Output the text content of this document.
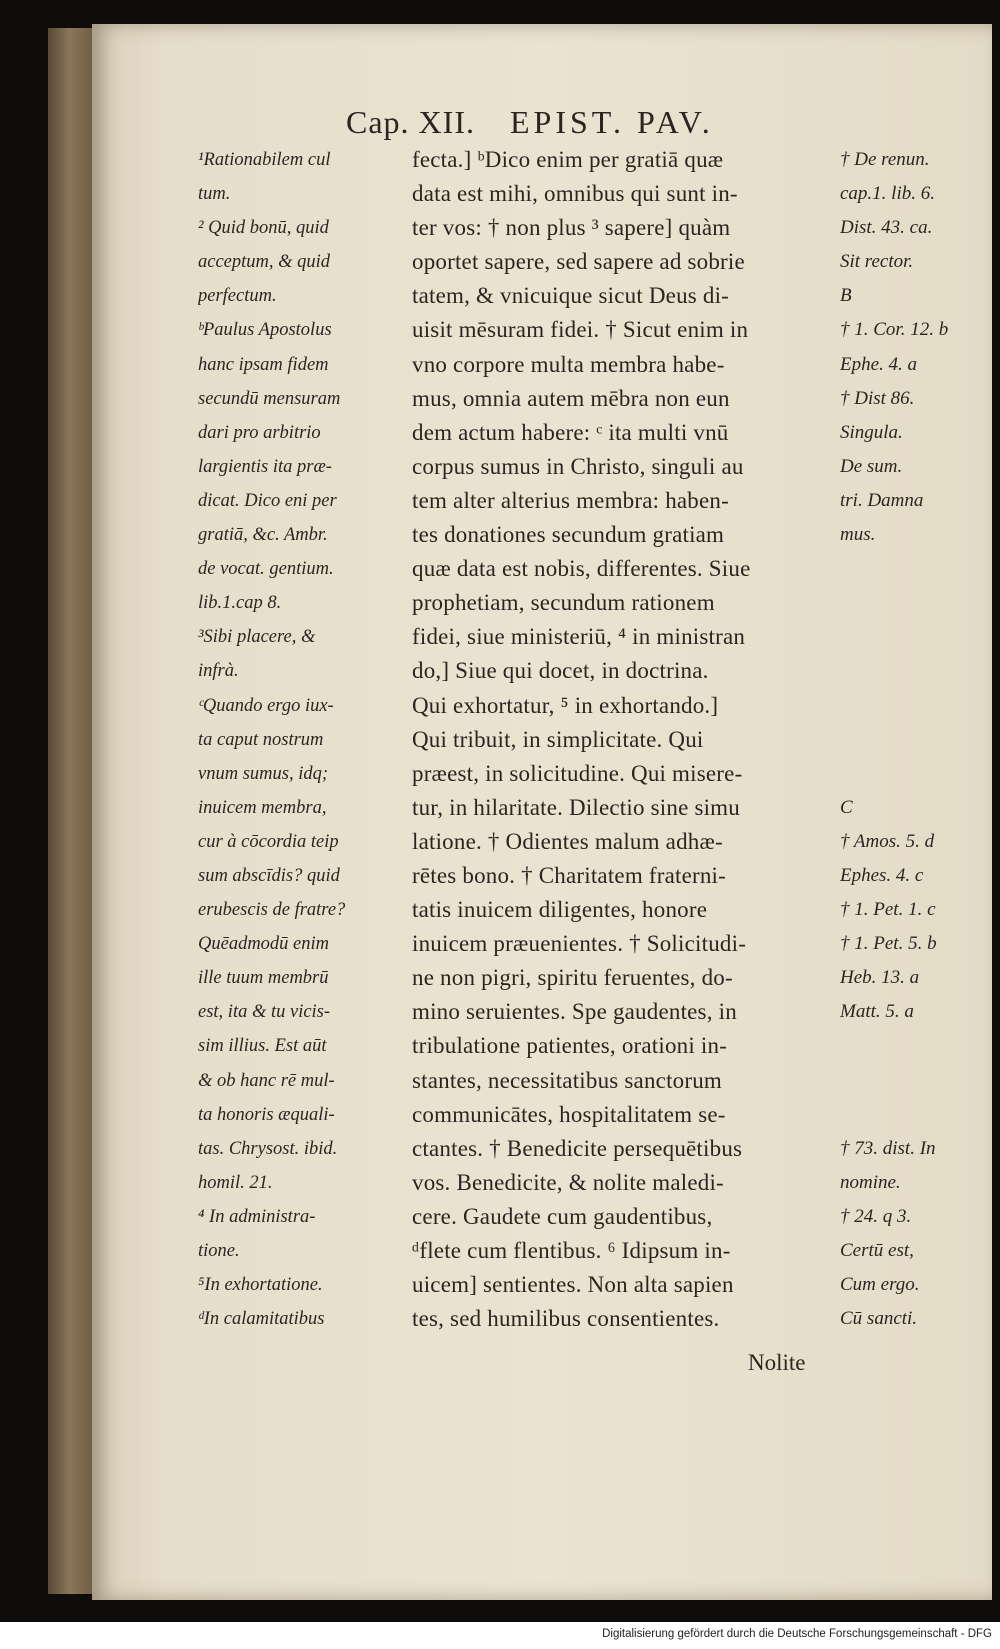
Cap. XII. EPIST. PAV.
¹Rationabilem cul
tum.
² Quid bonū, quid
acceptum, & quid
perfectum.
ᵇPaulus Apostolus
hanc ipsam fidem
secundū mensuram
dari pro arbitrio
largientis ita præ-
dicat. Dico eni per
gratiā, &c. Ambr.
de vocat. gentium.
lib.1.cap 8.
³Sibi placere, &
infrà.
ᶜQuando ergo iux-
ta caput nostrum
vnum sumus, idq;
inuicem membra,
cur à cōcordia teip
sum abscīdis? quid
erubescis de fratre?
Quēadmodū enim
ille tuum membrū
est, ita & tu vicis-
sim illius. Est aūt
& ob hanc rē mul-
ta honoris æquali-
tas. Chrysost. ibid.
homil. 21.
⁴ In administra-
tione.
⁵In exhortatione.
ᵈIn calamitatibus
fecta.] ᵇDico enim per gratiā quæ
data est mihi, omnibus qui sunt in-
ter vos: † non plus ³ sapere] quàm
oportet sapere, sed sapere ad sobrie
tatem, & vnicuique sicut Deus di-
uisit mēsuram fidei. † Sicut enim in
vno corpore multa membra habe-
mus, omnia autem mēbra non eun
dem actum habere: ᶜ ita multi vnū
corpus sumus in Christo, singuli au
tem alter alterius membra: haben-
tes donationes secundum gratiam
quæ data est nobis, differentes. Siue
prophetiam, secundum rationem
fidei, siue ministeriū, ⁴ in ministran
do,] Siue qui docet, in doctrina.
Qui exhortatur, ⁵ in exhortando.]
Qui tribuit, in simplicitate. Qui
præest, in solicitudine. Qui misere-
tur, in hilaritate. Dilectio sine simu
latione. † Odientes malum adhæ-
rētes bono. † Charitatem fraterni-
tatis inuicem diligentes, honore
inuicem præuenientes. † Solicitudi-
ne non pigri, spiritu feruentes, do-
mino seruientes. Spe gaudentes, in
tribulatione patientes, orationi in-
stantes, necessitatibus sanctorum
communicātes, hospitalitatem se-
ctantes. † Benedicite persequētibus
vos. Benedicite, & nolite maledi-
cere. Gaudete cum gaudentibus,
ᵈflete cum flentibus. ⁶ Idipsum in-
uicem] sentientes. Non alta sapien
tes, sed humilibus consentientes.
† De renun.
cap.1. lib. 6.
Dist. 43. ca.
Sit rector.
B
† 1. Cor. 12. b
Ephe. 4. a
† Dist 86.
Singula.
De sum.
tri. Damna
mus.
C
† Amos. 5. d
Ephes. 4. c
† 1. Pet. 1. c
† 1. Pet. 5. b
Heb. 13. a
Matt. 5. a
† 73. dist. In
nomine.
† 24. q 3.
Certū est,
Cum ergo.
Cū sancti.
Nolite
Digitalisierung gefördert durch die Deutsche Forschungsgemeinschaft - DFG
